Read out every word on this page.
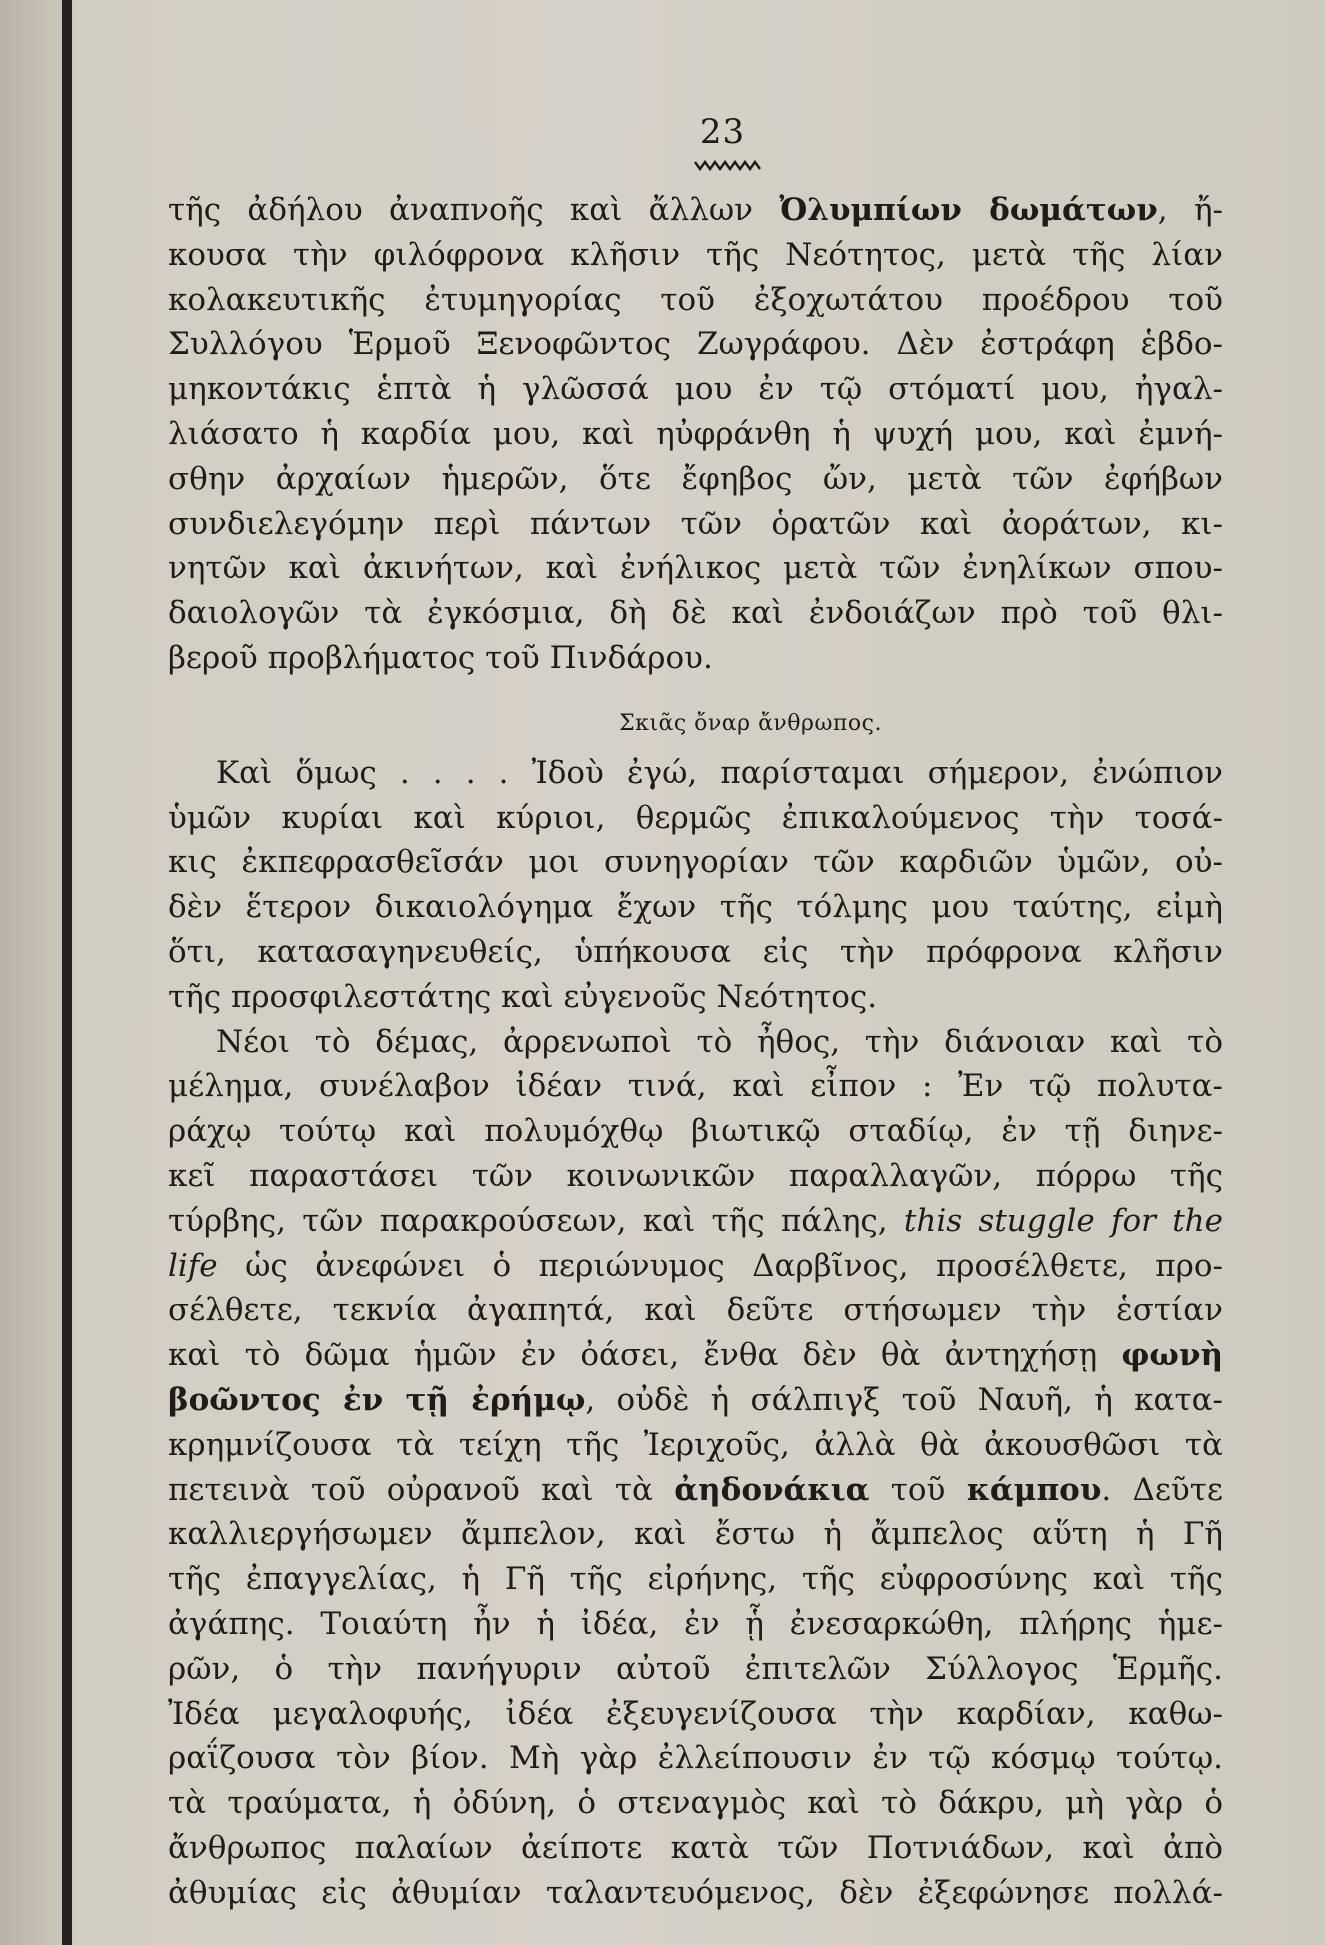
23

τῆς ἀδήλου ἀναπνοῆς καὶ ἄλλων Ὀλυμπίων δωμάτων, ἤ-
κουσα τὴν φιλόφρονα κλῆσιν τῆς Νεότητος, μετὰ τῆς λίαν
κολακευτικῆς ἐτυμηγορίας τοῦ ἐξοχωτάτου προέδρου τοῦ
Συλλόγου Ἑρμοῦ Ξενοφῶντος Ζωγράφου. Δὲν ἐστράφη ἑβδο-
μηκοντάκις ἑπτὰ ἡ γλῶσσά μου ἐν τῷ στόματί μου, ἠγαλ-
λιάσατο ἡ καρδία μου, καὶ ηὐφράνθη ἡ ψυχή μου, καὶ ἐμνή-
σθην ἀρχαίων ἡμερῶν, ὅτε ἔφηβος ὤν, μετὰ τῶν ἐφήβων
συνδιελεγόμην περὶ πάντων τῶν ὁρατῶν καὶ ἀοράτων, κι-
νητῶν καὶ ἀκινήτων, καὶ ἐνήλικος μετὰ τῶν ἐνηλίκων σπου-
δαιολογῶν τὰ ἐγκόσμια, δὴ δὲ καὶ ἐνδοιάζων πρὸ τοῦ θλι-
βεροῦ προβλήματος τοῦ Πινδάρου.

Σκιᾶς ὄναρ ἄνθρωπος.

Καὶ ὅμως . . . . Ἰδοὺ ἐγώ, παρίσταμαι σήμερον, ἐνώπιον
ὑμῶν κυρίαι καὶ κύριοι, θερμῶς ἐπικαλούμενος τὴν τοσά-
κις ἐκπεφρασθεῖσάν μοι συνηγορίαν τῶν καρδιῶν ὑμῶν, οὐ-
δὲν ἕτερον δικαιολόγημα ἔχων τῆς τόλμης μου ταύτης, εἰμὴ
ὅτι, κατασαγηνευθείς, ὑπήκουσα εἰς τὴν πρόφρονα κλῆσιν
τῆς προσφιλεστάτης καὶ εὐγενοῦς Νεότητος.

Νέοι τὸ δέμας, ἀρρενωποὶ τὸ ἦθος, τὴν διάνοιαν καὶ τὸ
μέλημα, συνέλαβον ἰδέαν τινά, καὶ εἶπον : Ἐν τῷ πολυτα-
ράχῳ τούτῳ καὶ πολυμόχθῳ βιωτικῷ σταδίῳ, ἐν τῇ διηνε-
κεῖ παραστάσει τῶν κοινωνικῶν παραλλαγῶν, πόρρω τῆς
τύρβης, τῶν παρακρούσεων, καὶ τῆς πάλης, this stuggle for the
life ὡς ἀνεφώνει ὁ περιώνυμος Δαρβῖνος, προσέλθετε, προ-
σέλθετε, τεκνία ἀγαπητά, καὶ δεῦτε στήσωμεν τὴν ἑστίαν
καὶ τὸ δῶμα ἡμῶν ἐν ὀάσει, ἔνθα δὲν θὰ ἀντηχήσῃ φωνὴ
βοῶντος ἐν τῇ ἐρήμῳ, οὐδὲ ἡ σάλπιγξ τοῦ Ναυῆ, ἡ κατα-
κρημνίζουσα τὰ τείχη τῆς Ἰεριχοῦς, ἀλλὰ θὰ ἀκουσθῶσι τὰ
πετεινὰ τοῦ οὐρανοῦ καὶ τὰ ἀηδονάκια τοῦ κάμπου. Δεῦτε
καλλιεργήσωμεν ἄμπελον, καὶ ἔστω ἡ ἄμπελος αὕτη ἡ Γῆ
τῆς ἐπαγγελίας, ἡ Γῆ τῆς εἰρήνης, τῆς εὐφροσύνης καὶ τῆς
ἀγάπης. Τοιαύτη ἦν ἡ ἰδέα, ἐν ᾗ ἐνεσαρκώθη, πλήρης ἡμε-
ρῶν, ὁ τὴν πανήγυριν αὐτοῦ ἐπιτελῶν Σύλλογος Ἑρμῆς.
Ἰδέα μεγαλοφυής, ἰδέα ἐξευγενίζουσα τὴν καρδίαν, καθω-
ραΐζουσα τὸν βίον. Μὴ γὰρ ἐλλείπουσιν ἐν τῷ κόσμῳ τούτῳ.
τὰ τραύματα, ἡ ὀδύνη, ὁ στεναγμὸς καὶ τὸ δάκρυ, μὴ γὰρ ὁ
ἄνθρωπος παλαίων ἀείποτε κατὰ τῶν Ποτνιάδων, καὶ ἀπὸ
ἀθυμίας εἰς ἀθυμίαν ταλαντευόμενος, δὲν ἐξεφώνησε πολλά-
